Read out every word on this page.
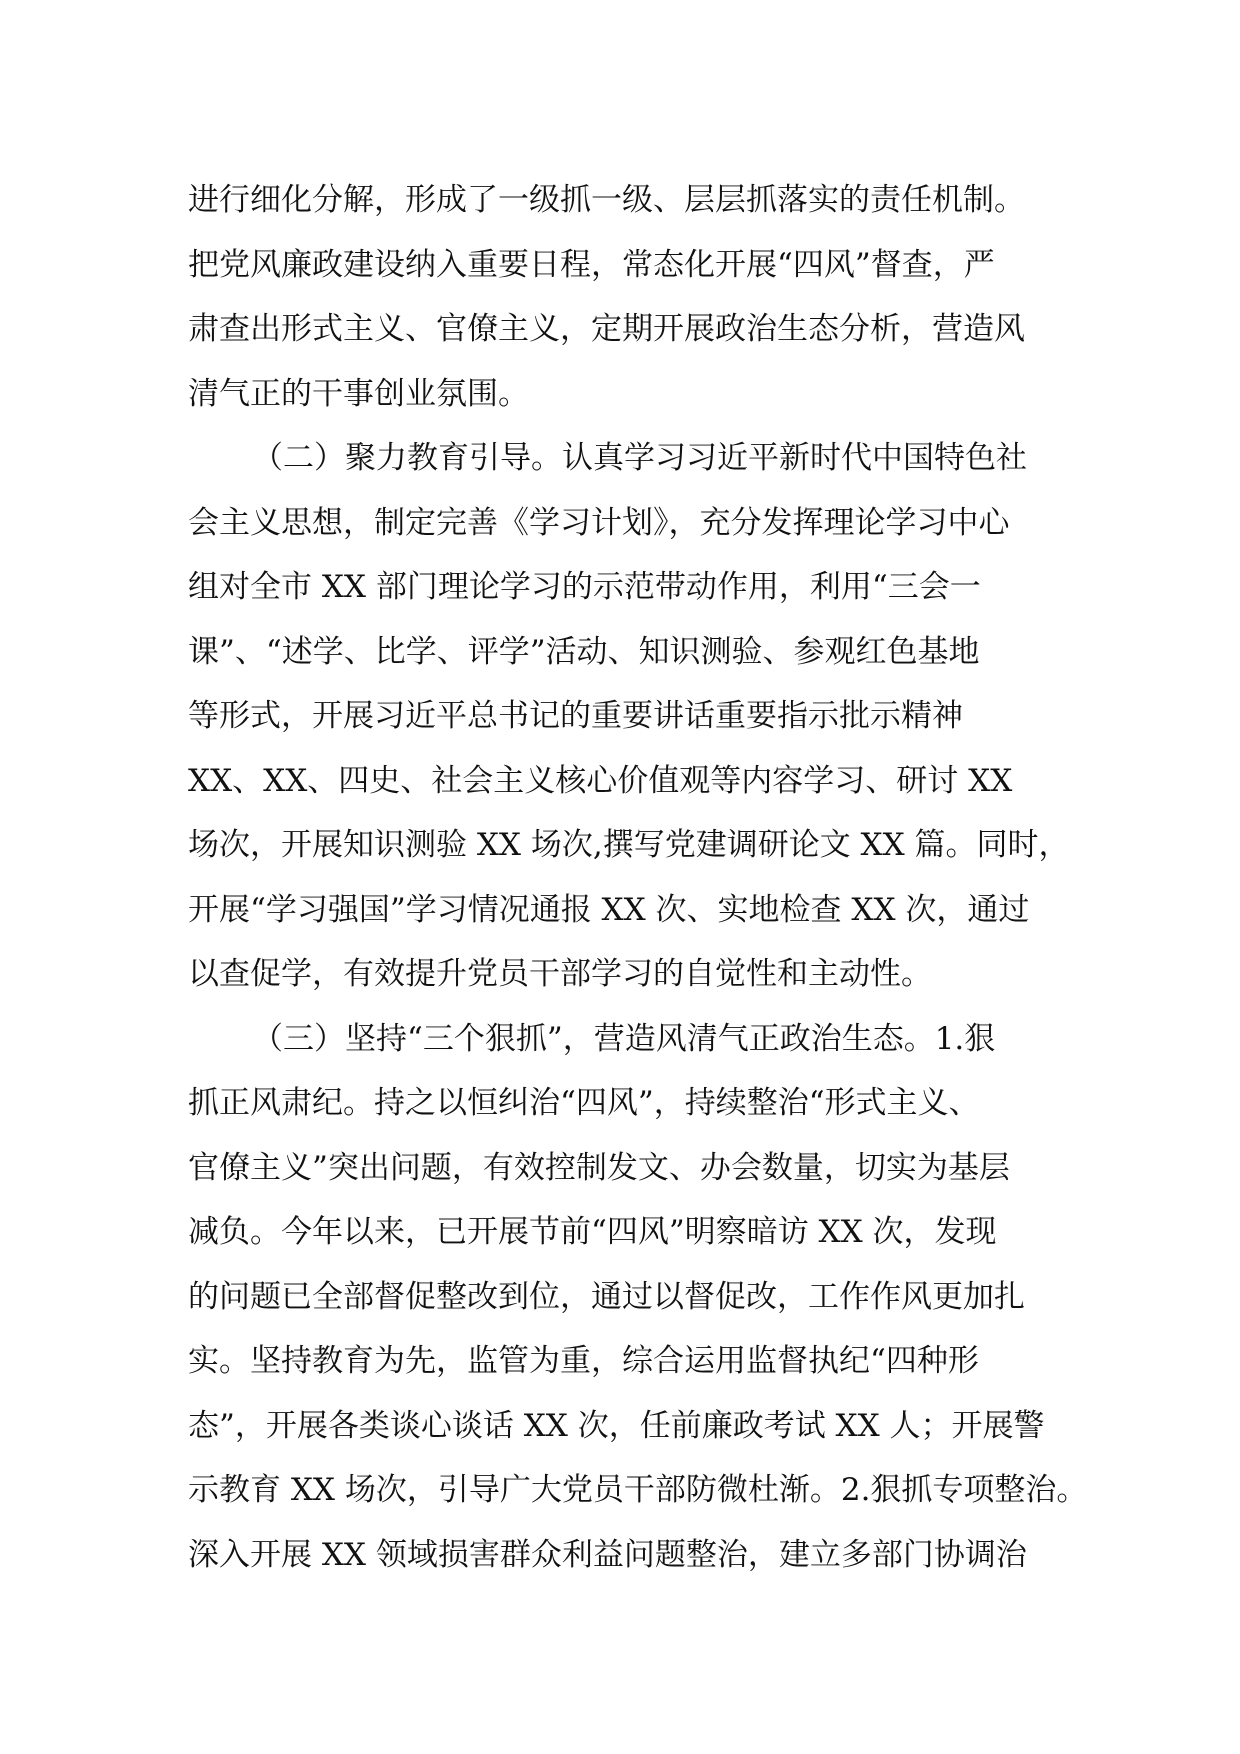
进行细化分解，形成了一级抓一级、层层抓落实的责任机制。
把党风廉政建设纳入重要日程，常态化开展“四风”督查，严
肃查出形式主义、官僚主义，定期开展政治生态分析，营造风
清气正的干事创业氛围。
（二）聚力教育引导。认真学习习近平新时代中国特色社
会主义思想，制定完善《学习计划》，充分发挥理论学习中心
组对全市 XX 部门理论学习的示范带动作用，利用“三会一
课”、“述学、比学、评学”活动、知识测验、参观红色基地
等形式，开展习近平总书记的重要讲话重要指示批示精神
XX、XX、四史、社会主义核心价值观等内容学习、研讨 XX
场次，开展知识测验 XX 场次,撰写党建调研论文 XX 篇。同时，
开展“学习强国”学习情况通报 XX 次、实地检查 XX 次，通过
以查促学，有效提升党员干部学习的自觉性和主动性。
（三）坚持“三个狠抓”，营造风清气正政治生态。1.狠
抓正风肃纪。持之以恒纠治“四风”，持续整治“形式主义、
官僚主义”突出问题，有效控制发文、办会数量，切实为基层
减负。今年以来，已开展节前“四风”明察暗访 XX 次，发现
的问题已全部督促整改到位，通过以督促改，工作作风更加扎
实。坚持教育为先，监管为重，综合运用监督执纪“四种形
态”，开展各类谈心谈话 XX 次，任前廉政考试 XX 人；开展警
示教育 XX 场次，引导广大党员干部防微杜渐。2.狠抓专项整治。
深入开展 XX 领域损害群众利益问题整治，建立多部门协调治
